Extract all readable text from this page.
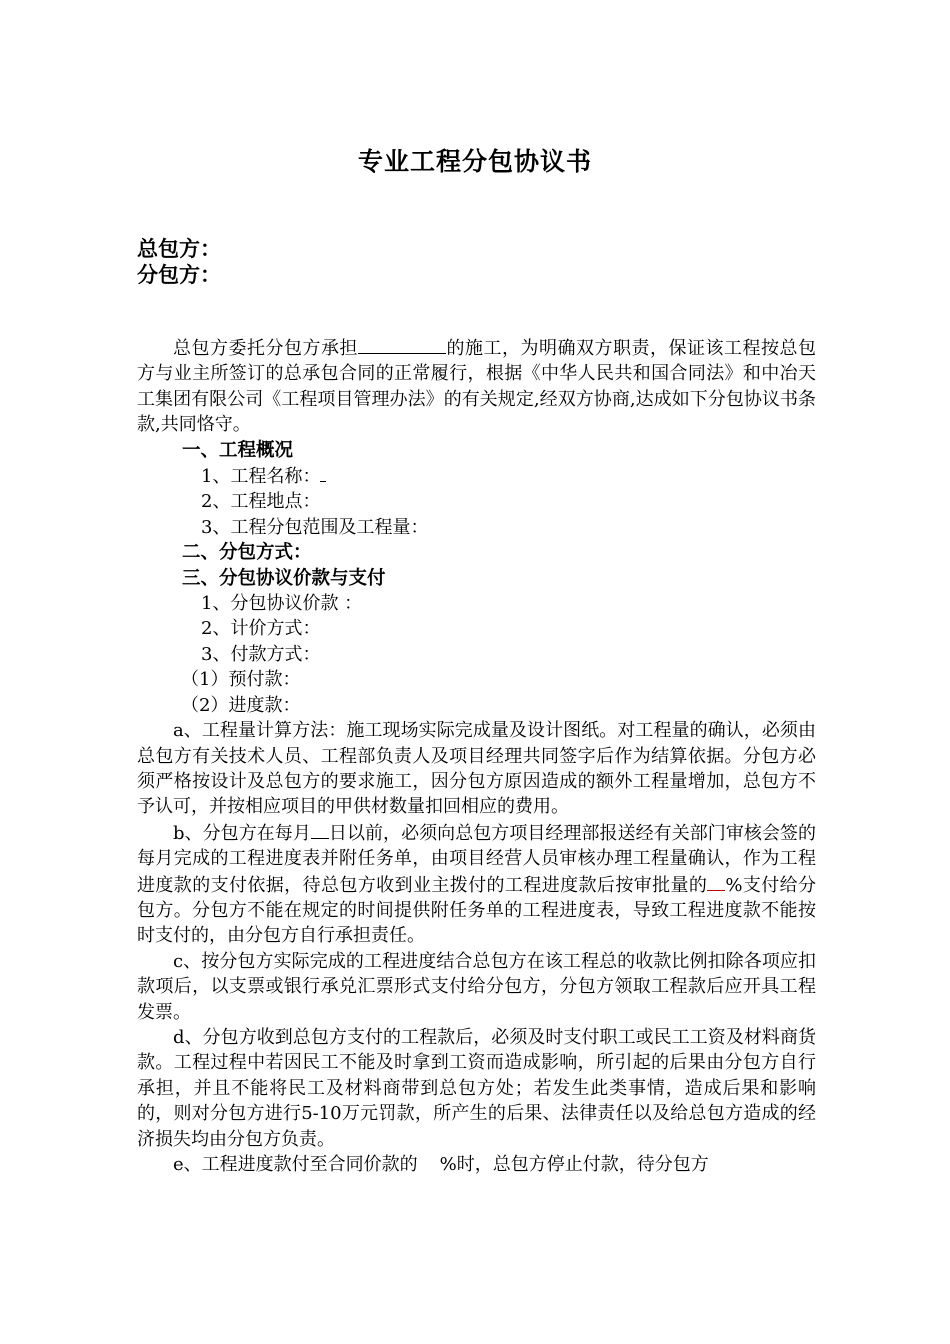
专业工程分包协议书
总包方：
分包方：

总包方委托分包方承担	的施工，为明确双方职责，保证该工程按总包方与业主所签订的总承包合同的正常履行，根据《中华人民共和国合同法》和中冶天工集团有限公司《工程项目管理办法》的有关规定,经双方协商,达成如下分包协议书条款,共同恪守。

一、工程概况

1、工程名称：

2、工程地点：

3、工程分包范围及工程量：

二、分包方式：

三、分包协议价款与支付

1、分包协议价款 ：

2、计价方式：

3、付款方式：

（1）预付款：

（2）进度款：

a、工程量计算方法：施工现场实际完成量及设计图纸。对工程量的确认，必须由总包方有关技术人员、工程部负责人及项目经理共同签字后作为结算依据。分包方必须严格按设计及总包方的要求施工，因分包方原因造成的额外工程量增加，总包方不予认可，并按相应项目的甲供材数量扣回相应的费用。

b、分包方在每月 日以前，必须向总包方项目经理部报送经有关部门审核会签的每月完成的工程进度表并附任务单，由项目经营人员审核办理工程量确认，作为工程进度款的支付依据，待总包方收到业主拨付的工程进度款后按审批量的 %支付给分包方。分包方不能在规定的时间提供附任务单的工程进度表，导致工程进度款不能按时支付的，由分包方自行承担责任。

c、按分包方实际完成的工程进度结合总包方在该工程总的收款比例扣除各项应扣款项后，以支票或银行承兑汇票形式支付给分包方，分包方领取工程款后应开具工程发票。

d、分包方收到总包方支付的工程款后，必须及时支付职工或民工工资及材料商货款。工程过程中若因民工不能及时拿到工资而造成影响，所引起的后果由分包方自行承担，并且不能将民工及材料商带到总包方处；若发生此类事情，造成后果和影响的，则对分包方进行5-10万元罚款，所产生的后果、法律责任以及给总包方造成的经济损失均由分包方负责。

e、工程进度款付至合同价款的 %时，总包方停止付款，待分包方
